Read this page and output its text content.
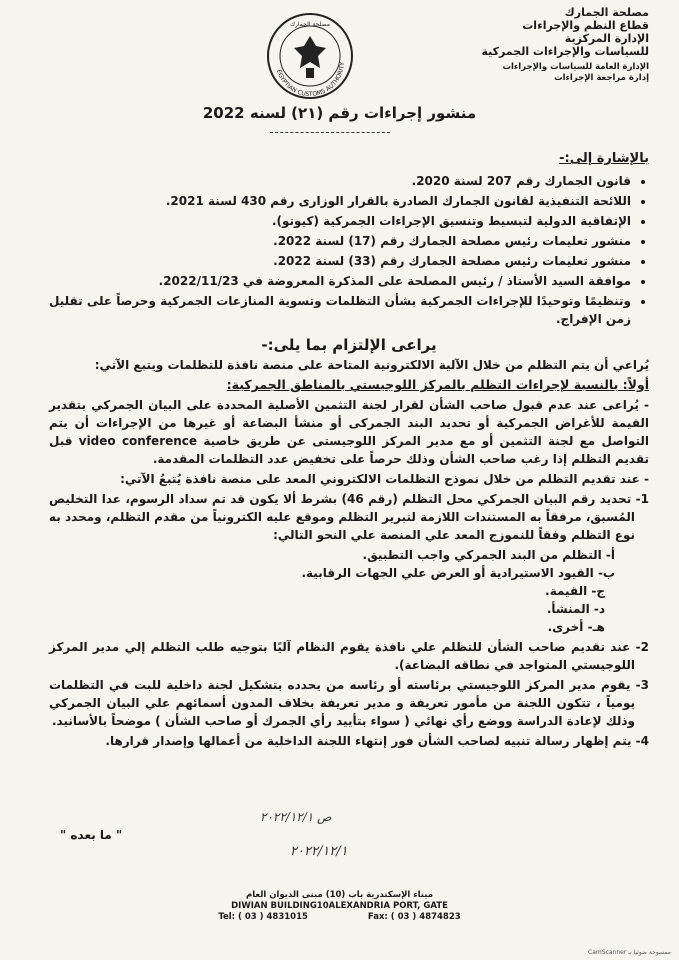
مصلحة الجمارك
قطاع النظم والإجراءات
الإدارة المركزية
للسياسات والإجراءات الجمركية
الإدارة العامة للسياسات والإجراءات
إدارة مراجعة الإجراءات
EGYPTIAN CUSTOMS AUTHORITY
مصلحة الجمارك
منشور إجراءات رقم (٢١) لسنه 2022
بالإشارة إلى:-
• قانون الجمارك رقم 207 لسنة 2020.
• اللائحة التنفيذية لقانون الجمارك الصادرة بالقرار الوزارى رقم 430 لسنة 2021.
• الإتفاقية الدولية لتبسيط وتنسيق الإجراءات الجمركية (كيوتو).
• منشور تعليمات رئيس مصلحة الجمارك رقم (17) لسنة 2022.
• منشور تعليمات رئيس مصلحة الجمارك رقم (33) لسنة 2022.
• موافقة السيد الأستاذ / رئيس المصلحة على المذكرة المعروضة في 2022/11/23.
• وتنظيمًا وتوحيدًا للإجراءات الجمركية بشأن التظلمات وتسوية المنازعات الجمركية وحرصاً على تقليل زمن الإفراج.
يراعى الإلتزام بما يلى:-
يُراعي أن يتم التظلم من خلال الآلية الالكترونية المتاحة على منصة نافذة للتظلمات ويتبع الآتي:
أولاً: بالنسبة لإجراءات التظلم بالمركز اللوجيستي بالمناطق الجمركية:
- يُراعى عند عدم قبول صاحب الشأن لقرار لجنة التثمين الأصلية المحددة على البيان الجمركي بتقدير القيمة للأغراض الجمركية أو تحديد البند الجمركى أو منشأ البضاعة أو غيرها من الإجراءات أن يتم التواصل مع لجنة التثمين أو مع مدير المركز اللوجيستى عن طريق خاصية video conference قبل تقديم التظلم إذا رغب صاحب الشأن وذلك حرصاً على تخفيض عدد التظلمات المقدمة.
- عند تقديم التظلم من خلال نموذج التظلمات الالكتروني المعد على منصة نافذة يُتبعُ الآتي:
1- تحديد رقم البيان الجمركي محل التظلم (رقم 46) بشرط ألا يكون قد تم سداد الرسوم، عدا التخليص المُسبق، مرفقاً به المستندات اللازمة لتبرير التظلم وموقع عليه الكترونياً من مقدم التظلم، ومحدد به نوع التظلم وفقاً للنموزج المعد علي المنصة علي النحو التالي:
أ- التظلم من البند الجمركي واجب التطبيق.
ب- القيود الاستيرادية أو العرض علي الجهات الرقابية.
ج- القيمة.
د- المنشأ.
هـ- أخرى.
2- عند تقديم صاحب الشأن للتظلم علي نافذة يقوم النظام آليًا بتوجيه طلب التظلم إلي مدير المركز اللوجيستي المتواجد في نطاقه البضاعة).
3- يقوم مدير المركز اللوجيستي برئاسته أو رئاسه من يحدده بتشكيل لجنة داخلية للبت في التظلمات يومياً ، تتكون اللجنة من مأمور تعريفة و مدير تعريفة بخلاف المدون أسمائهم علي البيان الجمركي وذلك لإعادة الدراسة ووضع رأي نهائي ( سواء بتأييد رأي الجمرك أو صاحب الشأن ) موضحاً بالأسانيد.
4- يتم إظهار رسالة تنبيه لصاحب الشأن فور إنتهاء اللجنة الداخلية من أعمالها وإصدار قرارها.
ص ٢٠٢٢/١٢/١
٢٠٢٢/١٢/١
" ما بعده "
ميناء الإسكندرية باب (10) مبنى الديوان العام
DIWIAN BUILDING10ALEXANDRIA PORT, GATE
Tel: ( 03 ) 4831015	Fax: ( 03 ) 4874823
CamScanner ممسوحة ضوئيا بـ
